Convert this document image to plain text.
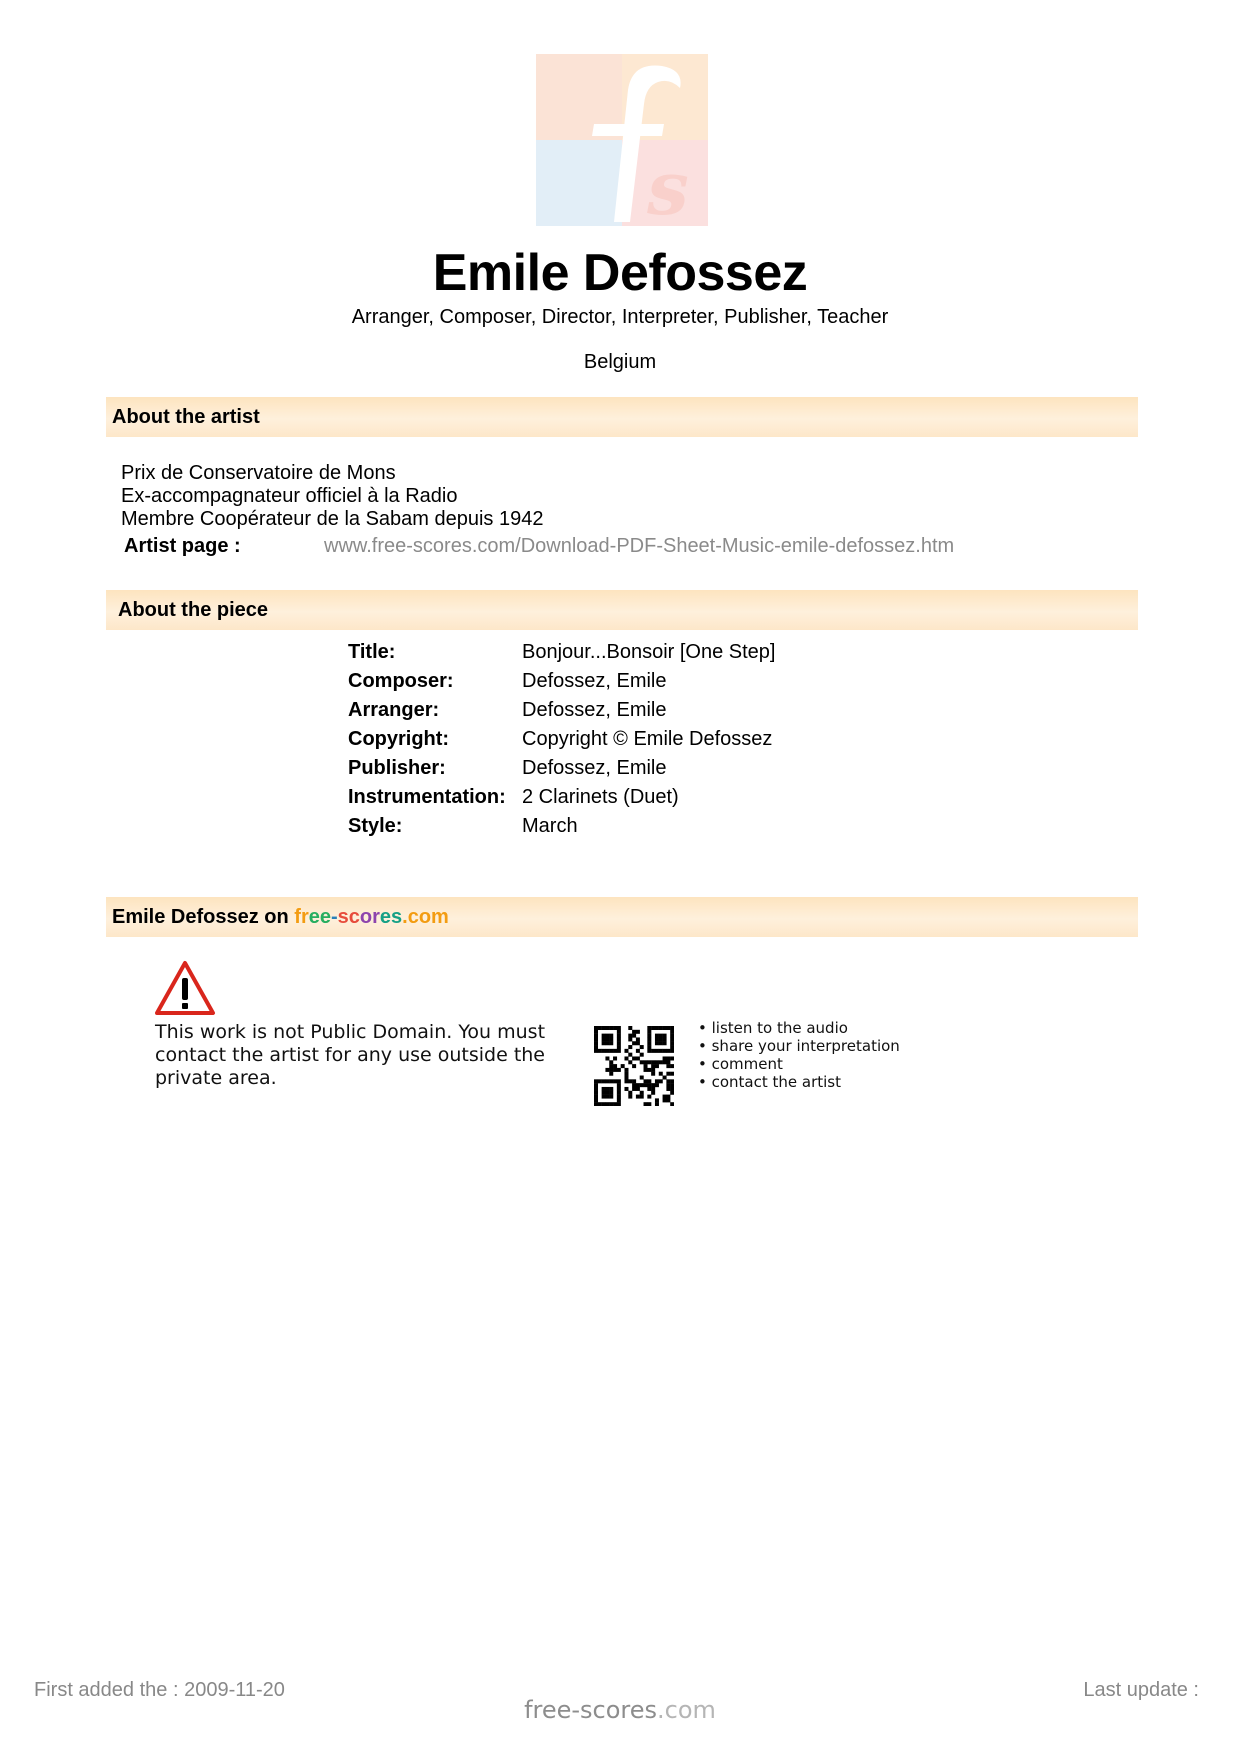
s
Emile Defossez
Arranger, Composer, Director, Interpreter, Publisher, Teacher
Belgium
About the artist
Prix de Conservatoire de Mons
Ex-accompagnateur officiel à la Radio
Membre Coopérateur de la Sabam depuis 1942
Artist page :	www.free-scores.com/Download-PDF-Sheet-Music-emile-defossez.htm
About the piece
Title:	Bonjour...Bonsoir [One Step]
Composer:	Defossez, Emile
Arranger:	Defossez, Emile
Copyright:	Copyright © Emile Defossez
Publisher:	Defossez, Emile
Instrumentation: 2 Clarinets (Duet)
Style:	March
Emile Defossez on free-scores.com
This work is not Public Domain. You must contact the artist for any use outside the private area.
• listen to the audio
• share your interpretation
• comment
• contact the artist
First added the : 2009-11-20	Last update :
free-scores.com
